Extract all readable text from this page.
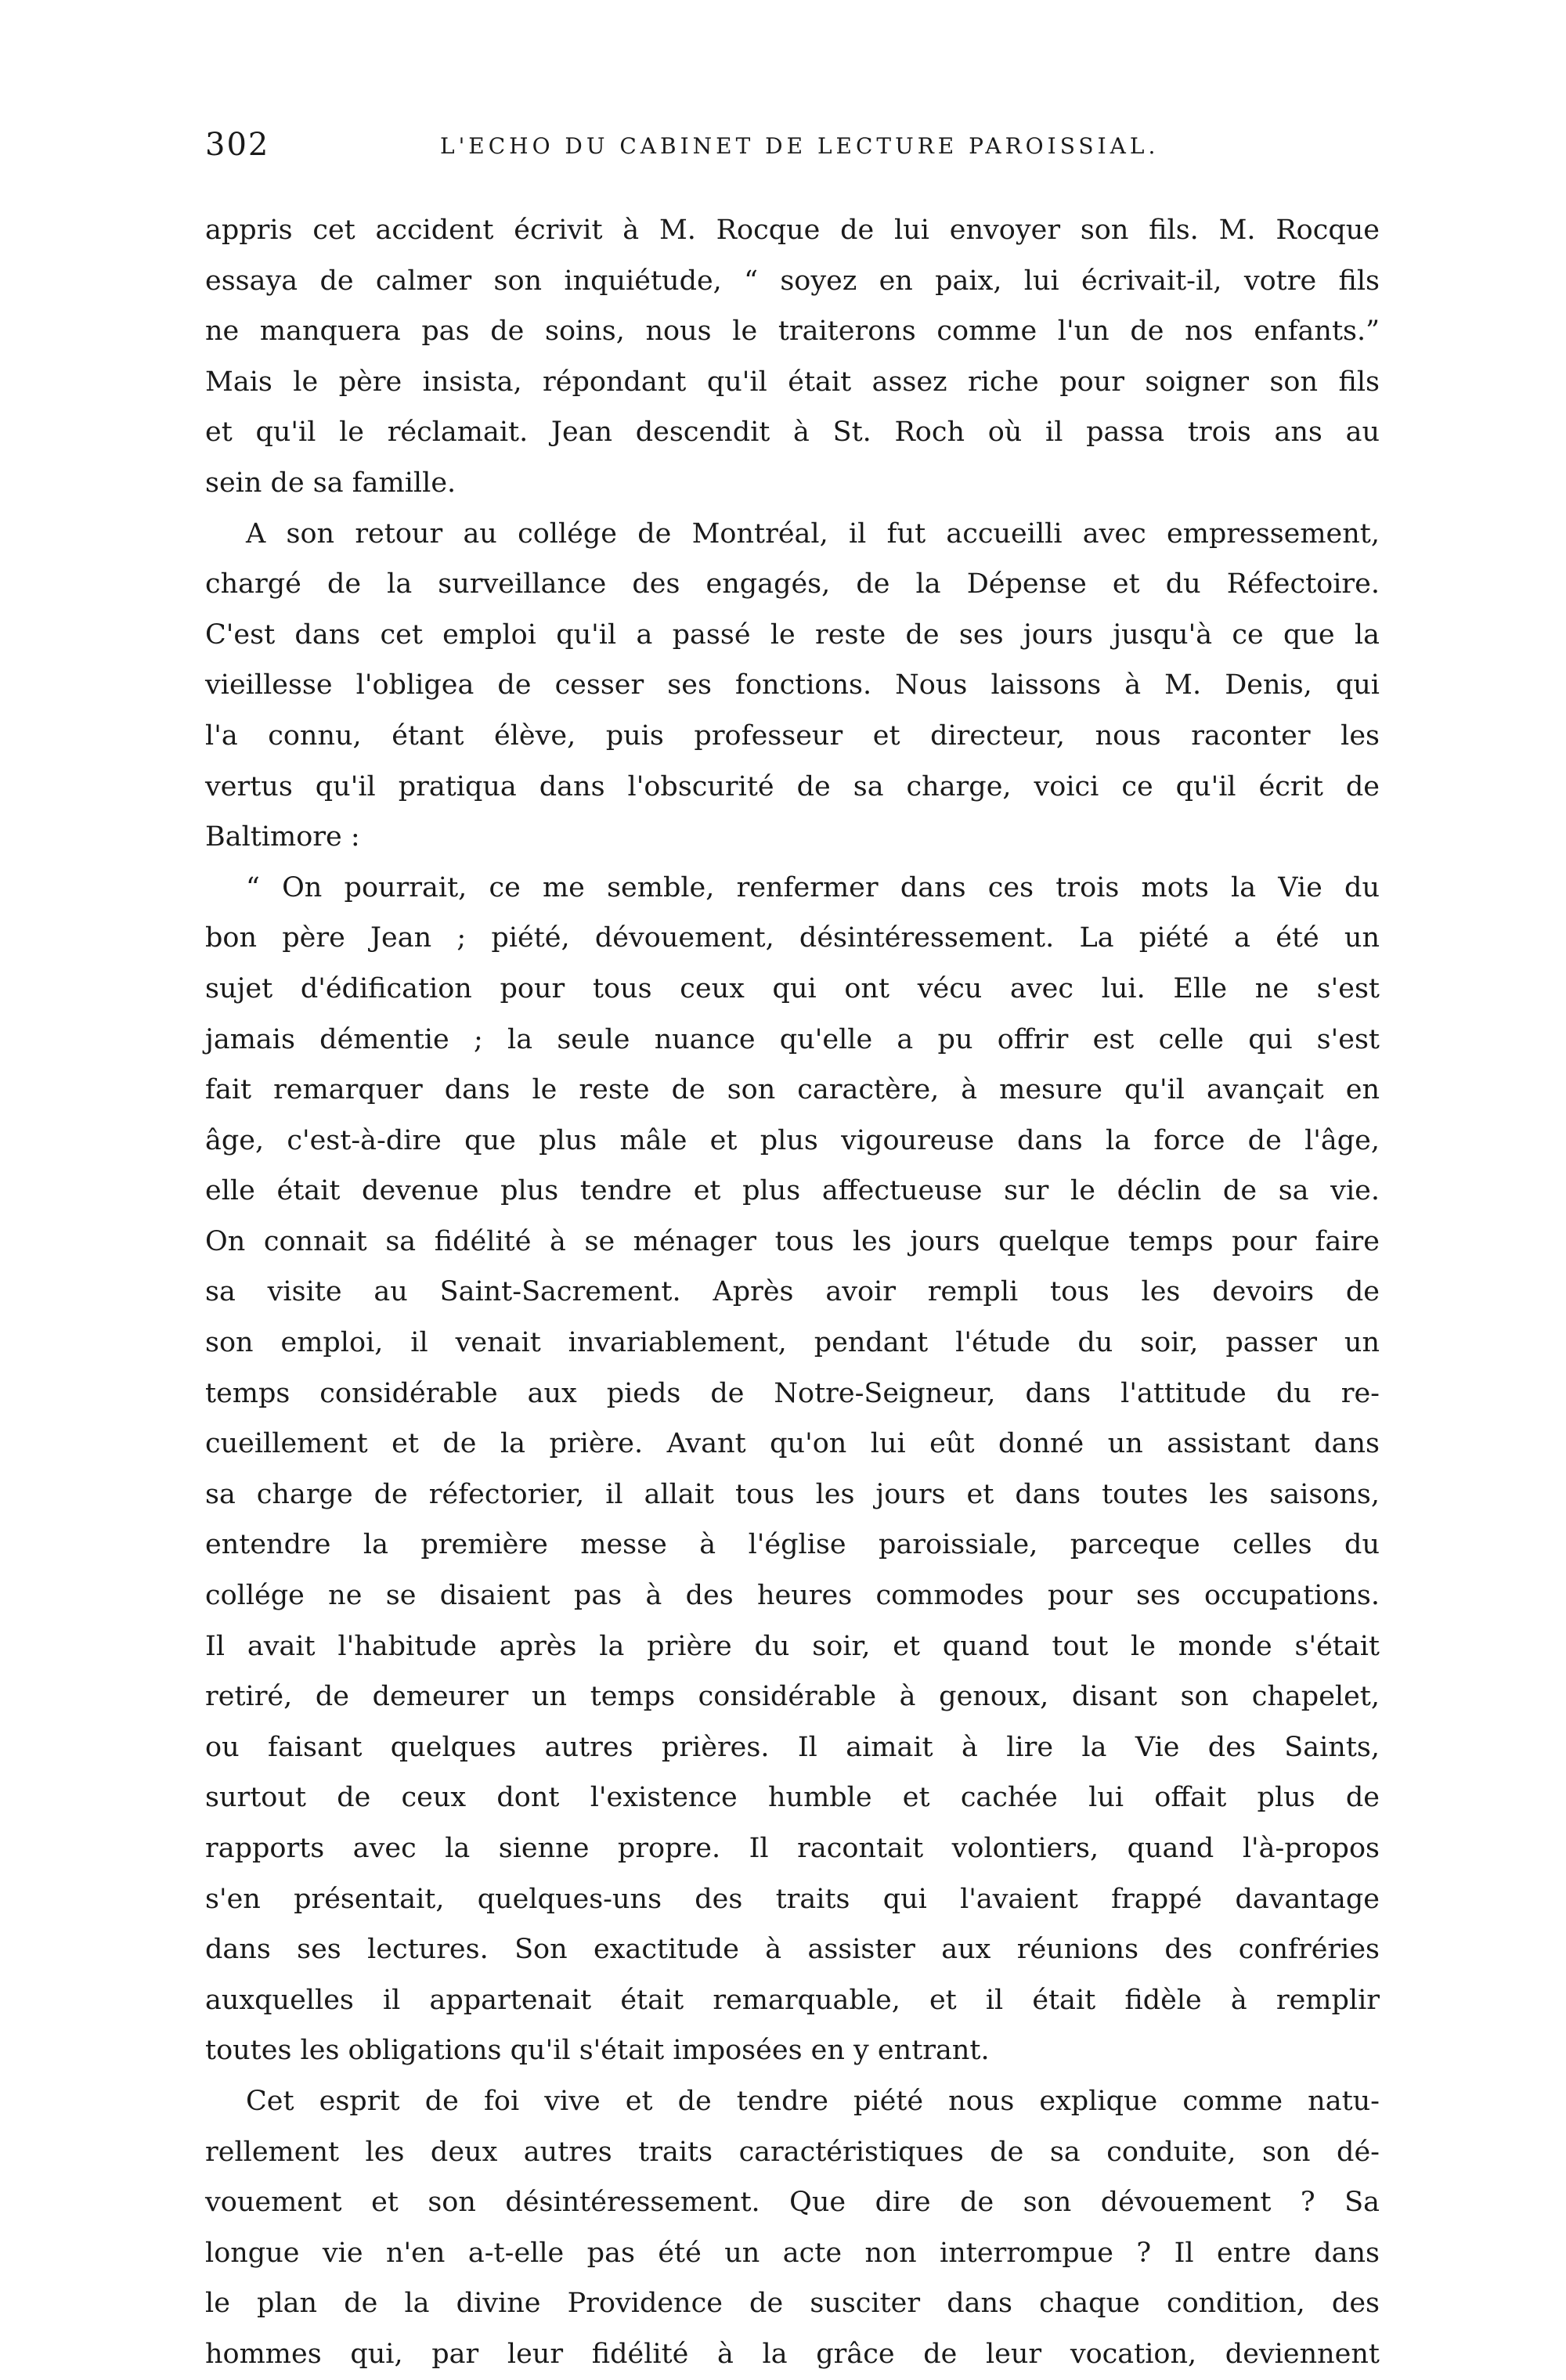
302	L'ECHO DU CABINET DE LECTURE PAROISSIAL.
appris cet accident écrivit à M. Rocque de lui envoyer son fils. M. Rocque
essaya de calmer son inquiétude, “ soyez en paix, lui écrivait-il, votre fils
ne manquera pas de soins, nous le traiterons comme l'un de nos enfants.”
Mais le père insista, répondant qu'il était assez riche pour soigner son fils
et qu'il le réclamait. Jean descendit à St. Roch où il passa trois ans au
sein de sa famille.
A son retour au collége de Montréal, il fut accueilli avec empressement,
chargé de la surveillance des engagés, de la Dépense et du Réfectoire.
C'est dans cet emploi qu'il a passé le reste de ses jours jusqu'à ce que la
vieillesse l'obligea de cesser ses fonctions. Nous laissons à M. Denis, qui
l'a connu, étant élève, puis professeur et directeur, nous raconter les
vertus qu'il pratiqua dans l'obscurité de sa charge, voici ce qu'il écrit de
Baltimore :
“ On pourrait, ce me semble, renfermer dans ces trois mots la Vie du
bon père Jean ; piété, dévouement, désintéressement. La piété a été un
sujet d'édification pour tous ceux qui ont vécu avec lui. Elle ne s'est
jamais démentie ; la seule nuance qu'elle a pu offrir est celle qui s'est
fait remarquer dans le reste de son caractère, à mesure qu'il avançait en
âge, c'est-à-dire que plus mâle et plus vigoureuse dans la force de l'âge,
elle était devenue plus tendre et plus affectueuse sur le déclin de sa vie.
On connait sa fidélité à se ménager tous les jours quelque temps pour faire
sa visite au Saint-Sacrement. Après avoir rempli tous les devoirs de
son emploi, il venait invariablement, pendant l'étude du soir, passer un
temps considérable aux pieds de Notre-Seigneur, dans l'attitude du re-
cueillement et de la prière. Avant qu'on lui eût donné un assistant dans
sa charge de réfectorier, il allait tous les jours et dans toutes les saisons,
entendre la première messe à l'église paroissiale, parceque celles du
collége ne se disaient pas à des heures commodes pour ses occupations.
Il avait l'habitude après la prière du soir, et quand tout le monde s'était
retiré, de demeurer un temps considérable à genoux, disant son chapelet,
ou faisant quelques autres prières. Il aimait à lire la Vie des Saints,
surtout de ceux dont l'existence humble et cachée lui offait plus de
rapports avec la sienne propre. Il racontait volontiers, quand l'à-propos
s'en présentait, quelques-uns des traits qui l'avaient frappé davantage
dans ses lectures. Son exactitude à assister aux réunions des confréries
auxquelles il appartenait était remarquable, et il était fidèle à remplir
toutes les obligations qu'il s'était imposées en y entrant.
Cet esprit de foi vive et de tendre piété nous explique comme natu-
rellement les deux autres traits caractéristiques de sa conduite, son dé-
vouement et son désintéressement. Que dire de son dévouement ? Sa
longue vie n'en a-t-elle pas été un acte non interrompue ? Il entre dans
le plan de la divine Providence de susciter dans chaque condition, des
hommes qui, par leur fidélité à la grâce de leur vocation, deviennent
